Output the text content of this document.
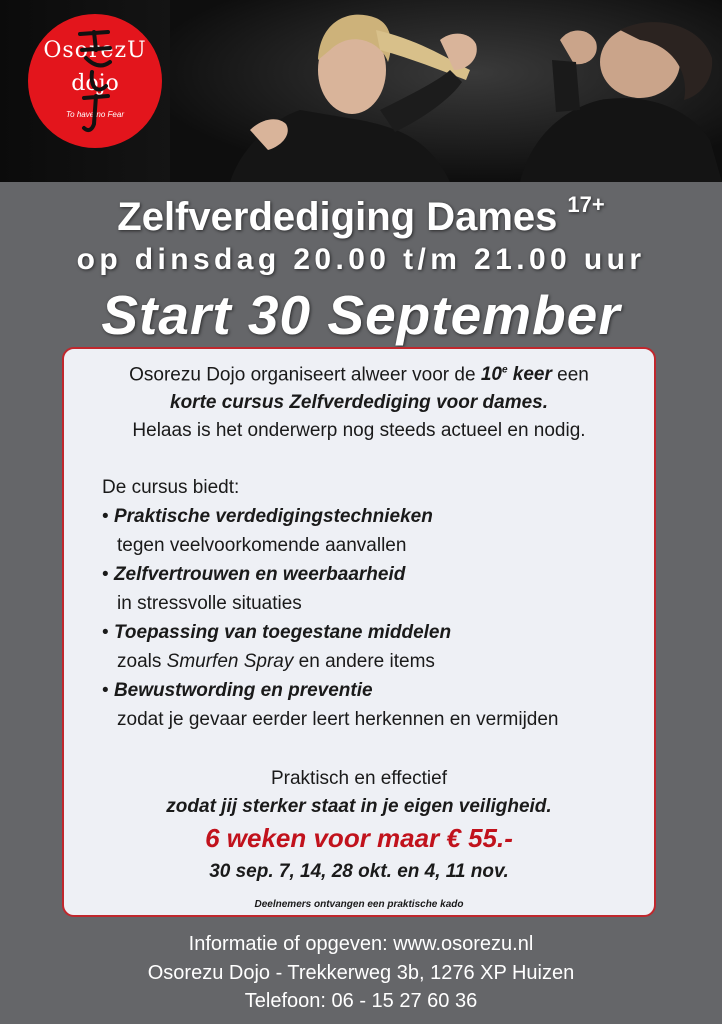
OsorezU
dojo
To have no Fear
Zelfverdediging Dames $^{17+}$
op dinsdag 20.00 t/m 21.00 uur
Start 30 September
Osorezu Dojo organiseert alweer voor de 10e keer een
korte cursus Zelfverdediging voor dames.
Helaas is het onderwerp nog steeds actueel en nodig.
De cursus biedt:
• Praktische verdedigingstechnieken
tegen veelvoorkomende aanvallen
• Zelfvertrouwen en weerbaarheid
in stressvolle situaties
• Toepassing van toegestane middelen
zoals Smurfen Spray en andere items
• Bewustwording en preventie
zodat je gevaar eerder leert herkennen en vermijden
Praktisch en effectief
zodat jij sterker staat in je eigen veiligheid.
6 weken voor maar € 55.-
30 sep. 7, 14, 28 okt. en 4, 11 nov.
Deelnemers ontvangen een praktische kado
Informatie of opgeven: www.osorezu.nl
Osorezu Dojo - Trekkerweg 3b, 1276 XP Huizen
Telefoon: 06 - 15 27 60 36
